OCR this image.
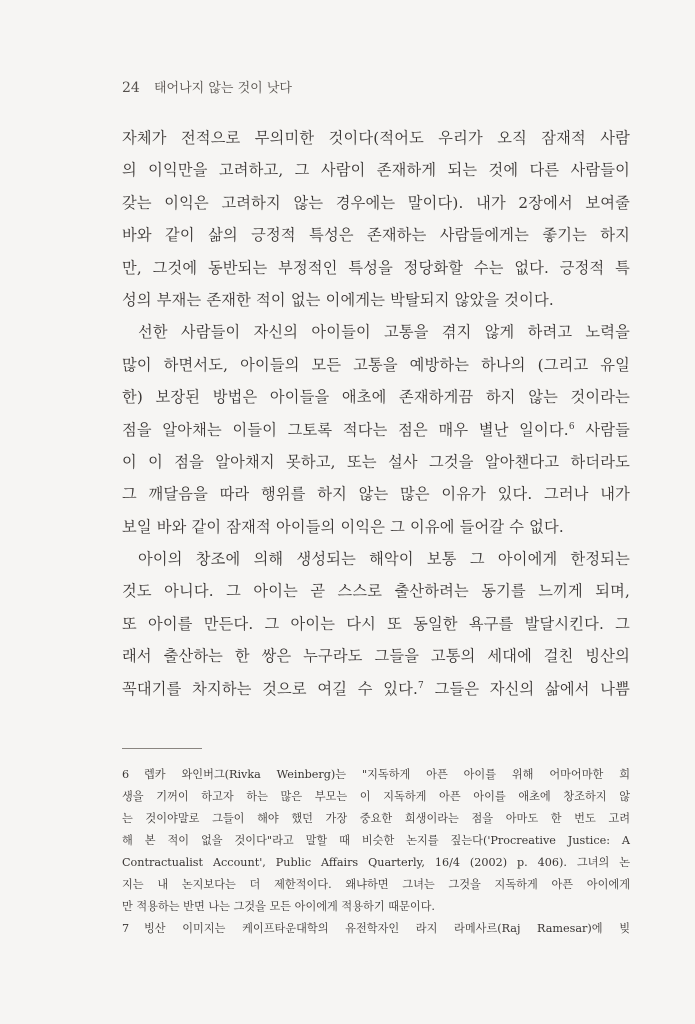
24 태어나지 않는 것이 낫다
자체가 전적으로 무의미한 것이다(적어도 우리가 오직 잠재적 사람
의 이익만을 고려하고, 그 사람이 존재하게 되는 것에 다른 사람들이
갖는 이익은 고려하지 않는 경우에는 말이다). 내가 2장에서 보여줄
바와 같이 삶의 긍정적 특성은 존재하는 사람들에게는 좋기는 하지
만, 그것에 동반되는 부정적인 특성을 정당화할 수는 없다. 긍정적 특
성의 부재는 존재한 적이 없는 이에게는 박탈되지 않았을 것이다.
선한 사람들이 자신의 아이들이 고통을 겪지 않게 하려고 노력을
많이 하면서도, 아이들의 모든 고통을 예방하는 하나의 (그리고 유일
한) 보장된 방법은 아이들을 애초에 존재하게끔 하지 않는 것이라는
점을 알아채는 이들이 그토록 적다는 점은 매우 별난 일이다.$^6$ 사람들
이 이 점을 알아채지 못하고, 또는 설사 그것을 알아챈다고 하더라도
그 깨달음을 따라 행위를 하지 않는 많은 이유가 있다. 그러나 내가
보일 바와 같이 잠재적 아이들의 이익은 그 이유에 들어갈 수 없다.
아이의 창조에 의해 생성되는 해악이 보통 그 아이에게 한정되는
것도 아니다. 그 아이는 곧 스스로 출산하려는 동기를 느끼게 되며,
또 아이를 만든다. 그 아이는 다시 또 동일한 욕구를 발달시킨다. 그
래서 출산하는 한 쌍은 누구라도 그들을 고통의 세대에 걸친 빙산의
꼭대기를 차지하는 것으로 여길 수 있다.$^7$ 그들은 자신의 삶에서 나쁨
6 렙카 와인버그(Rivka Weinberg)는 "지독하게 아픈 아이를 위해 어마어마한 희
생을 기꺼이 하고자 하는 많은 부모는 이 지독하게 아픈 아이를 애초에 창조하지 않
는 것이야말로 그들이 해야 했던 가장 중요한 희생이라는 점을 아마도 한 번도 고려
해 본 적이 없을 것이다"라고 말할 때 비슷한 논지를 짚는다('Procreative Justice: A
Contractualist Account', Public Affairs Quarterly, 16/4 (2002) p. 406). 그녀의 논
지는 내 논지보다는 더 제한적이다. 왜냐하면 그녀는 그것을 지독하게 아픈 아이에게
만 적용하는 반면 나는 그것을 모든 아이에게 적용하기 때문이다.
7 빙산 이미지는 케이프타운대학의 유전학자인 라지 라메사르(Raj Ramesar)에 빚
